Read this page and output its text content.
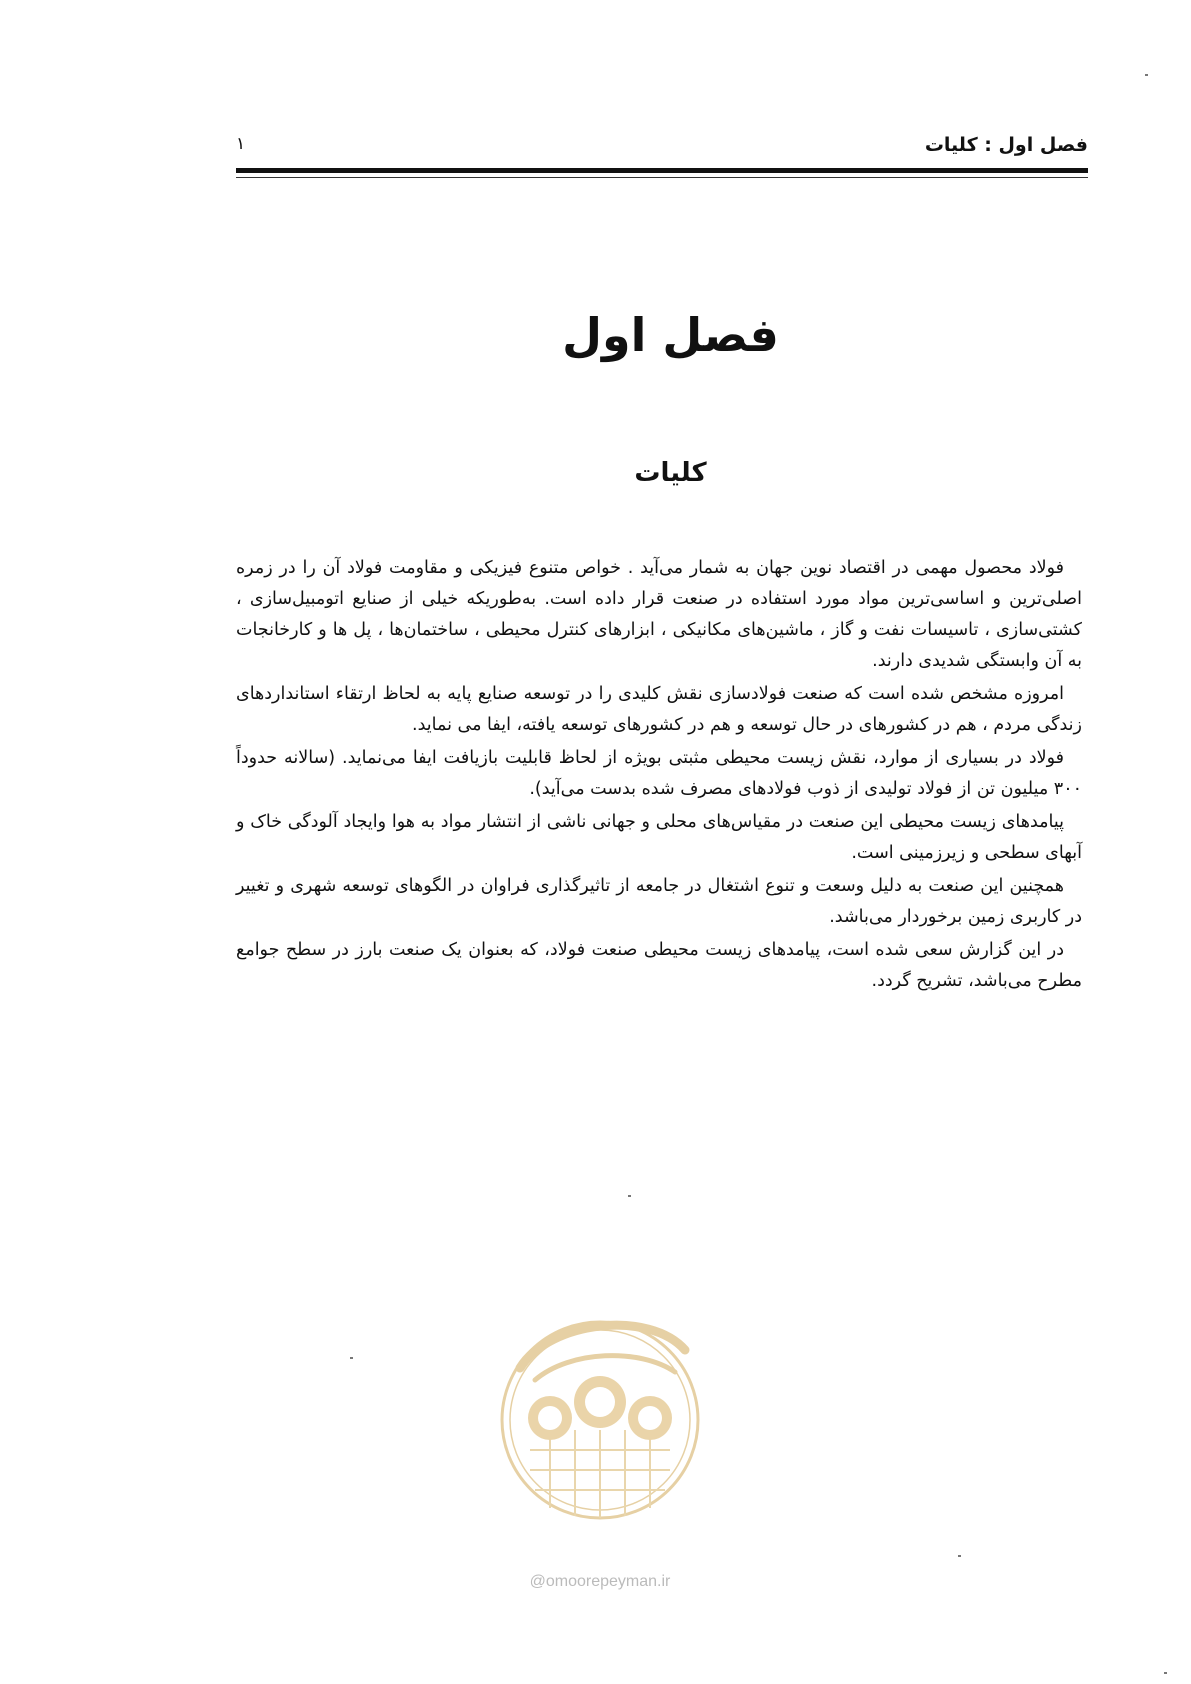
فصل اول : کلیات
۱
فصل اول
کلیات

فولاد محصول مهمی در اقتصاد نوین جهان به شمار می‌آید . خواص متنوع فیزیکی و مقاومت فولاد آن را در زمره اصلی‌ترین و اساسی‌ترین مواد مورد استفاده در صنعت قرار داده است. به‌طوریکه خیلی از صنایع اتومبیل‌سازی ، کشتی‌سازی ، تاسیسات نفت و گاز ، ماشین‌های مکانیکی ، ابزارهای کنترل محیطی ، ساختمان‌ها ، پل ها و کارخانجات به آن وابستگی شدیدی دارند.

امروزه مشخص شده است که صنعت فولادسازی نقش کلیدی را در توسعه صنایع پایه به لحاظ ارتقاء استانداردهای زندگی مردم ، هم در کشورهای در حال توسعه و هم در کشورهای توسعه یافته، ایفا می نماید.

فولاد در بسیاری از موارد، نقش زیست محیطی مثبتی بویژه از لحاظ قابلیت بازیافت ایفا می‌نماید. (سالانه حدوداً ۳۰۰ میلیون تن از فولاد تولیدی از ذوب فولادهای مصرف شده بدست می‌آید).

پیامدهای زیست محیطی این صنعت در مقیاس‌های محلی و جهانی ناشی از انتشار مواد به هوا وایجاد آلودگی خاک و آبهای سطحی و زیرزمینی است.

همچنین این صنعت به دلیل وسعت و تنوع اشتغال در جامعه از تاثیرگذاری فراوان در الگوهای توسعه شهری و تغییر در کاربری زمین برخوردار می‌باشد.

در این گزارش سعی شده است، پیامدهای زیست محیطی صنعت فولاد، که بعنوان یک صنعت بارز در سطح جوامع مطرح می‌باشد، تشریح گردد.

@omoorepeyman.ir
